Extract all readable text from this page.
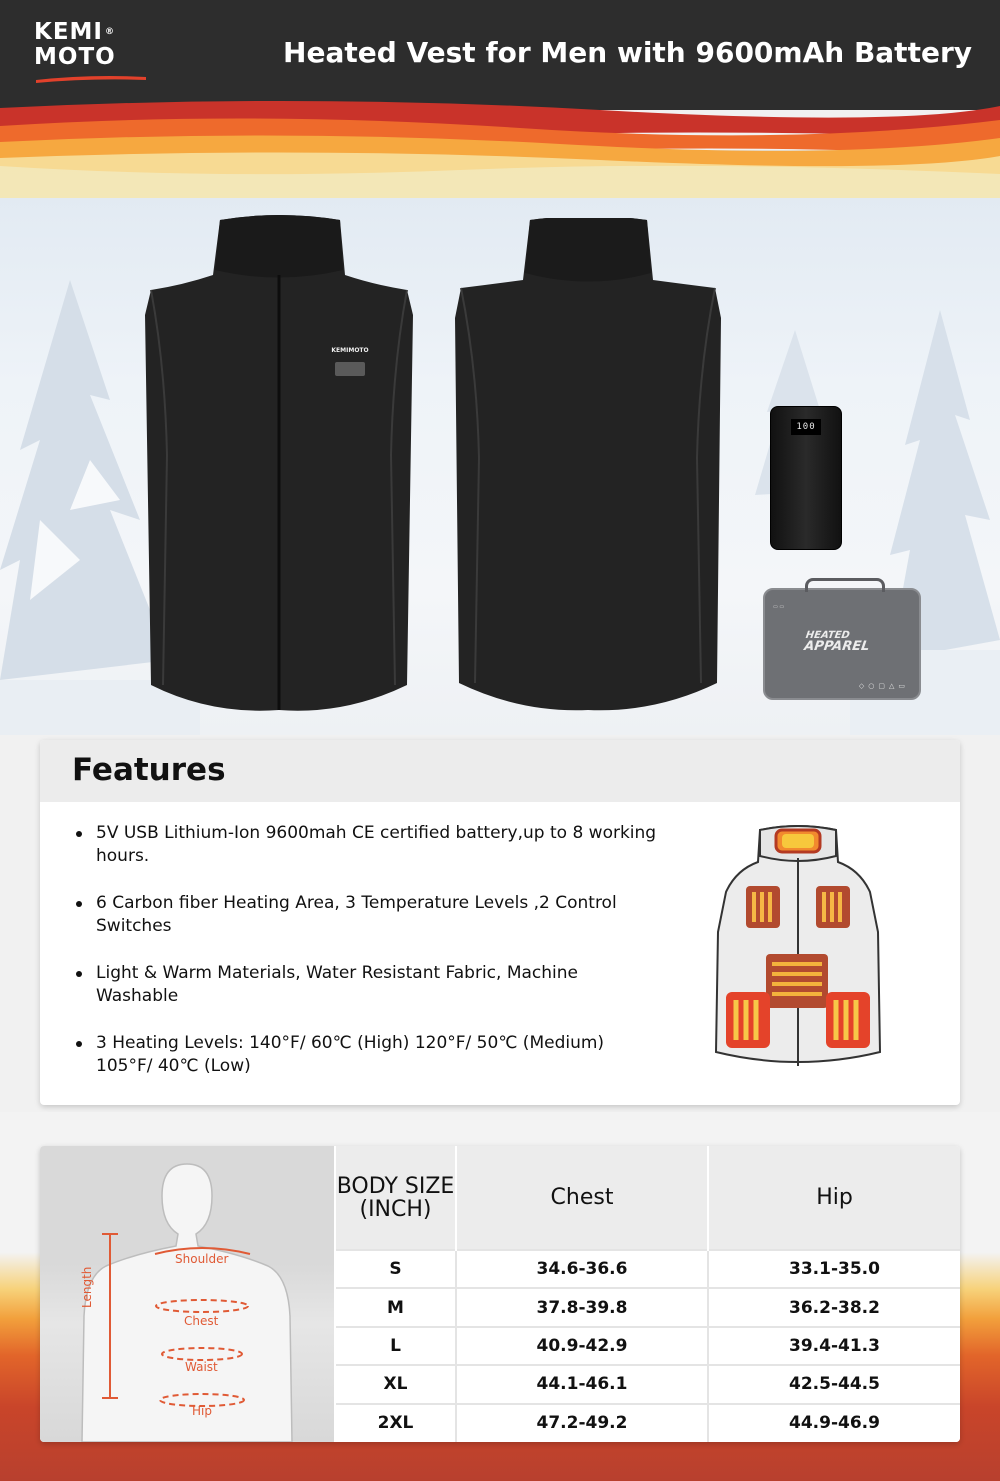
KEMI ®
MOTO	Heated Vest for Men with 9600mAh Battery
KEMIMOTO
100
▭ ▭
HEATED
APPAREL
◇○▢△▭
Features
5V USB Lithium-Ion 9600mah CE certified battery,up to 8 working hours.
6 Carbon fiber Heating Area, 3 Temperature Levels ,2 Control Switches
Light & Warm Materials, Water Resistant Fabric, Machine Washable
3 Heating Levels: 140°F/ 60℃ (High) 120°F/ 50℃ (Medium) 105°F/ 40℃ (Low)
Shoulder
Length
Chest
Waist
Hip
BODY SIZE (INCH)	Chest	Hip
S	34.6-36.6	33.1-35.0
M	37.8-39.8	36.2-38.2
L	40.9-42.9	39.4-41.3
XL	44.1-46.1	42.5-44.5
2XL	47.2-49.2	44.9-46.9
